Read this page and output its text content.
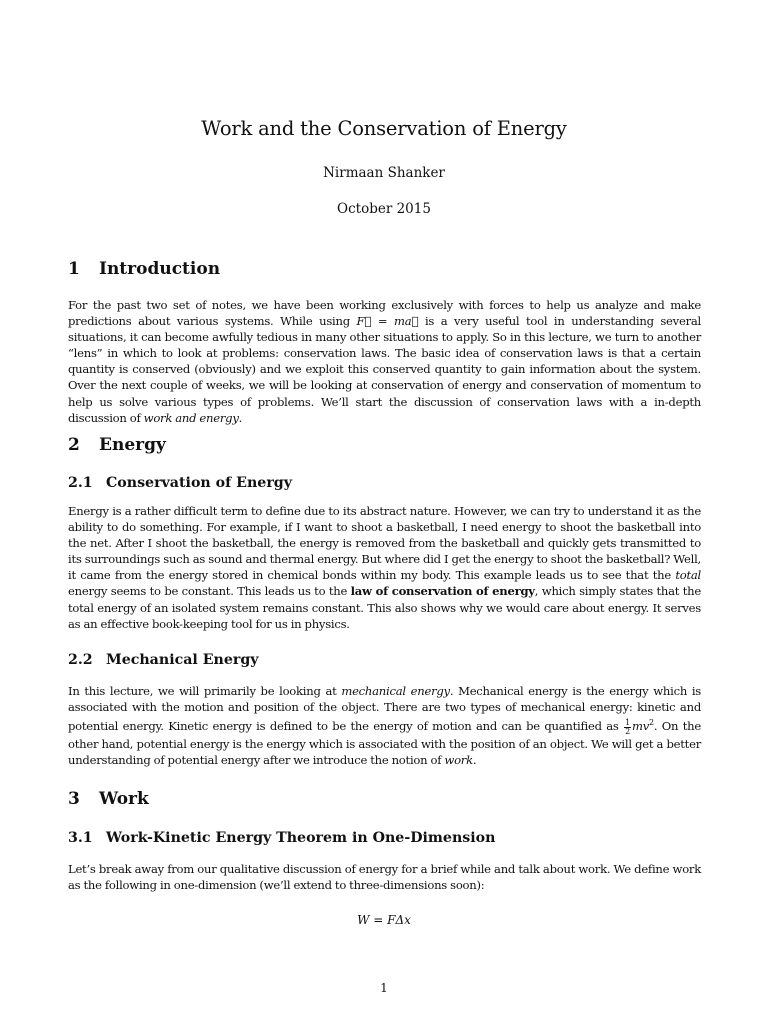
Work and the Conservation of Energy
Nirmaan Shanker
October 2015
1 Introduction
For the past two set of notes, we have been working exclusively with forces to help us analyze and make predictions about various systems. While using F⃗ = ma⃗ is a very useful tool in understanding several situations, it can become awfully tedious in many other situations to apply. So in this lecture, we turn to another “lens” in which to look at problems: conservation laws. The basic idea of conservation laws is that a certain quantity is conserved (obviously) and we exploit this conserved quantity to gain information about the system. Over the next couple of weeks, we will be looking at conservation of energy and conservation of momentum to help us solve various types of problems. We’ll start the discussion of conservation laws with a in-depth discussion of work and energy.
2 Energy
2.1 Conservation of Energy
Energy is a rather difficult term to define due to its abstract nature. However, we can try to understand it as the ability to do something. For example, if I want to shoot a basketball, I need energy to shoot the basketball into the net. After I shoot the basketball, the energy is removed from the basketball and quickly gets transmitted to its surroundings such as sound and thermal energy. But where did I get the energy to shoot the basketball? Well, it came from the energy stored in chemical bonds within my body. This example leads us to see that the total energy seems to be constant. This leads us to the law of conservation of energy, which simply states that the total energy of an isolated system remains constant. This also shows why we would care about energy. It serves as an effective book-keeping tool for us in physics.
2.2 Mechanical Energy
In this lecture, we will primarily be looking at mechanical energy. Mechanical energy is the energy which is associated with the motion and position of the object. There are two types of mechanical energy: kinetic and potential energy. Kinetic energy is defined to be the energy of motion and can be quantified as $\frac{1}{2} mv^2$. On the other hand, potential energy is the energy which is associated with the position of an object. We will get a better understanding of potential energy after we introduce the notion of work.
3 Work
3.1 Work-Kinetic Energy Theorem in One-Dimension
Let’s break away from our qualitative discussion of energy for a brief while and talk about work. We define work as the following in one-dimension (we’ll extend to three-dimensions soon):
W = FΔx
1
